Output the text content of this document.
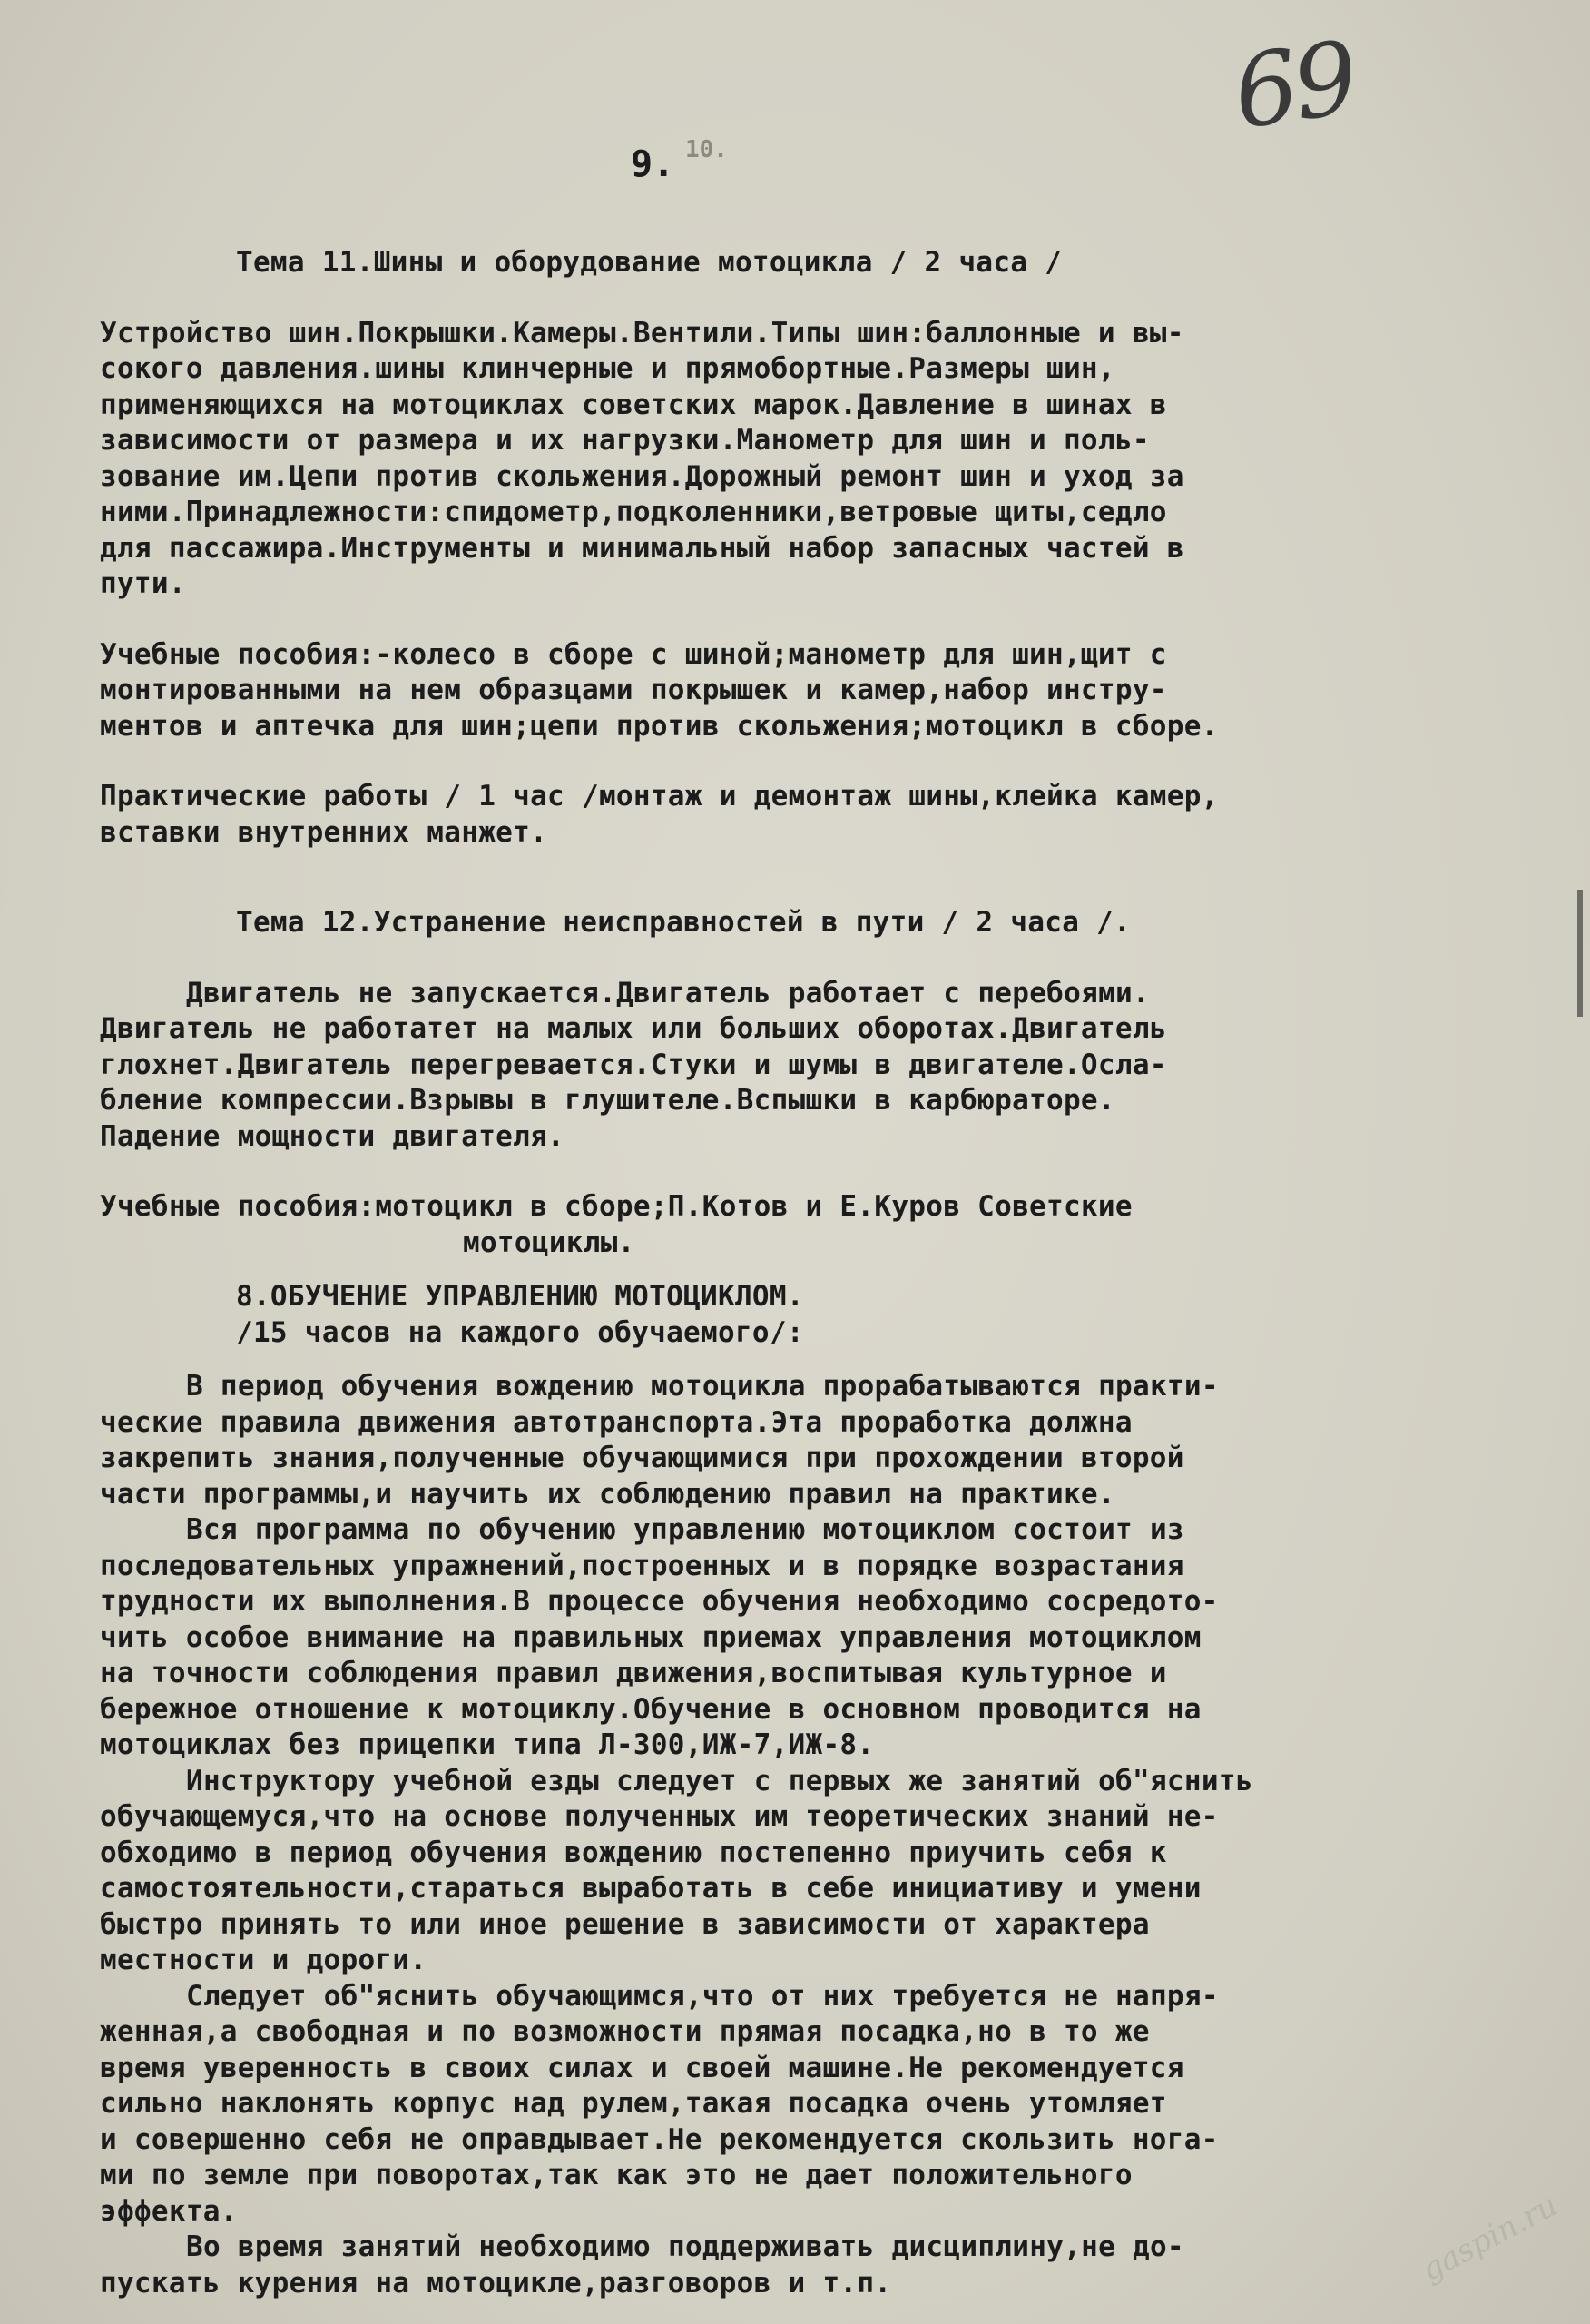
69
9. 10.
Тема 11.Шины и оборудование мотоцикла / 2 часа /
Устройство шин.Покрышки.Камеры.Вентили.Типы шин:баллонные и вы-
сокого давления.шины клинчерные и прямобортные.Размеры шин,
применяющихся на мотоциклах советских марок.Давление в шинах в
зависимости от размера и их нагрузки.Манометр для шин и поль-
зование им.Цепи против скольжения.Дорожный ремонт шин и уход за
ними.Принадлежности:спидометр,подколенники,ветровые щиты,седло
для пассажира.Инструменты и минимальный набор запасных частей в
пути.
Учебные пособия:-колесо в сборе с шиной;манометр для шин,щит с
монтированными на нем образцами покрышек и камер,набор инстру-
ментов и аптечка для шин;цепи против скольжения;мотоцикл в сборе.
Практические работы / 1 час /монтаж и демонтаж шины,клейка камер,
вставки внутренних манжет.
Тема 12.Устранение неисправностей в пути / 2 часа /.
Двигатель не запускается.Двигатель работает с перебоями.
Двигатель не работатет на малых или больших оборотах.Двигатель
глохнет.Двигатель перегревается.Стуки и шумы в двигателе.Осла-
бление компрессии.Взрывы в глушителе.Вспышки в карбюраторе.
Падение мощности двигателя.
Учебные пособия:мотоцикл в сборе;П.Котов и Е.Куров Советские
мотоциклы.
8.ОБУЧЕНИЕ УПРАВЛЕНИЮ МОТОЦИКЛОМ.
/15 часов на каждого обучаемого/:
В период обучения вождению мотоцикла прорабатываются практи-
ческие правила движения автотранспорта.Эта проработка должна
закрепить знания,полученные обучающимися при прохождении второй
части программы,и научить их соблюдению правил на практике.
Вся программа по обучению управлению мотоциклом состоит из
последовательных упражнений,построенных и в порядке возрастания
трудности их выполнения.В процессе обучения необходимо сосредото-
чить особое внимание на правильных приемах управления мотоциклом
на точности соблюдения правил движения,воспитывая культурное и
бережное отношение к мотоциклу.Обучение в основном проводится на
мотоциклах без прицепки типа Л-300,ИЖ-7,ИЖ-8.
Инструктору учебной езды следует с первых же занятий об"яснить
обучающемуся,что на основе полученных им теоретических знаний не-
обходимо в период обучения вождению постепенно приучить себя к
самостоятельности,стараться выработать в себе инициативу и умени
быстро принять то или иное решение в зависимости от характера
местности и дороги.
Следует об"яснить обучающимся,что от них требуется не напря-
женная,а свободная и по возможности прямая посадка,но в то же
время уверенность в своих силах и своей машине.Не рекомендуется
сильно наклонять корпус над рулем,такая посадка очень утомляет
и совершенно себя не оправдывает.Не рекомендуется скользить нога-
ми по земле при поворотах,так как это не дает положительного
эффекта.
Во время занятий необходимо поддерживать дисциплину,не до-
пускать курения на мотоцикле,разговоров и т.п.	gaspin.ru
